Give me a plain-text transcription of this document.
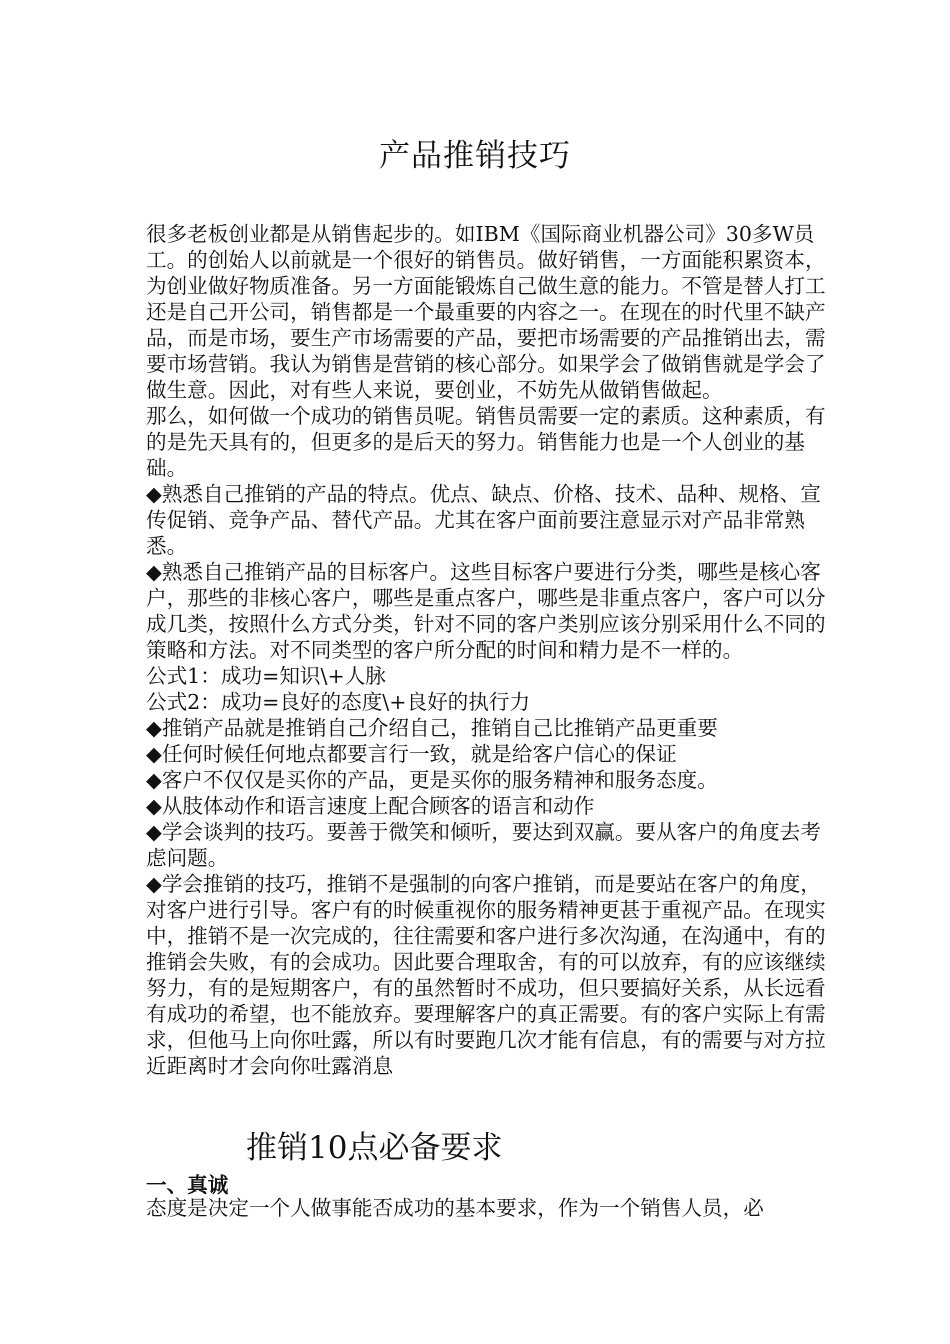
产品推销技巧

很多老板创业都是从销售起步的。如IBM《国际商业机器公司》30多W员工。的创始人以前就是一个很好的销售员。做好销售，一方面能积累资本，为创业做好物质准备。另一方面能锻炼自己做生意的能力。不管是替人打工还是自己开公司，销售都是一个最重要的内容之一。在现在的时代里不缺产品，而是市场，要生产市场需要的产品，要把市场需要的产品推销出去，需要市场营销。我认为销售是营销的核心部分。如果学会了做销售就是学会了做生意。因此，对有些人来说，要创业，不妨先从做销售做起。

那么，如何做一个成功的销售员呢。销售员需要一定的素质。这种素质，有的是先天具有的，但更多的是后天的努力。销售能力也是一个人创业的基础。

◆熟悉自己推销的产品的特点。优点、缺点、价格、技术、品种、规格、宣传促销、竞争产品、替代产品。尤其在客户面前要注意显示对产品非常熟悉。

◆熟悉自己推销产品的目标客户。这些目标客户要进行分类，哪些是核心客户，那些的非核心客户，哪些是重点客户，哪些是非重点客户，客户可以分成几类，按照什么方式分类，针对不同的客户类别应该分别采用什么不同的策略和方法。对不同类型的客户所分配的时间和精力是不一样的。

公式1：成功=知识\+人脉

公式2：成功=良好的态度\+良好的执行力

◆推销产品就是推销自己介绍自己，推销自己比推销产品更重要

◆任何时候任何地点都要言行一致，就是给客户信心的保证

◆客户不仅仅是买你的产品，更是买你的服务精神和服务态度。

◆从肢体动作和语言速度上配合顾客的语言和动作

◆学会谈判的技巧。要善于微笑和倾听，要达到双赢。要从客户的角度去考虑问题。

◆学会推销的技巧，推销不是强制的向客户推销，而是要站在客户的角度，对客户进行引导。客户有的时候重视你的服务精神更甚于重视产品。在现实中，推销不是一次完成的，往往需要和客户进行多次沟通，在沟通中，有的推销会失败，有的会成功。因此要合理取舍，有的可以放弃，有的应该继续努力，有的是短期客户，有的虽然暂时不成功，但只要搞好关系，从长远看有成功的希望，也不能放弃。要理解客户的真正需要。有的客户实际上有需求，但他马上向你吐露，所以有时要跑几次才能有信息，有的需要与对方拉近距离时才会向你吐露消息

推销10点必备要求
一、真诚

态度是决定一个人做事能否成功的基本要求，作为一个销售人员，必
